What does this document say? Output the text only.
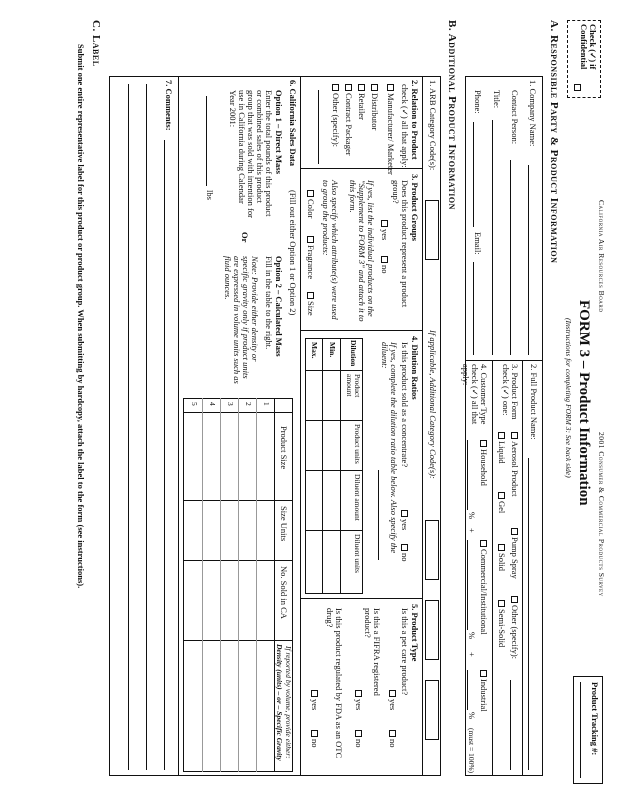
Check (✓) if Confidential
California Air Resources Board
2001 Consumer & Commercial Products Survey
FORM 3 – Product Information
(Instructions for completing FORM 3: See back side)
Product Tracking #:
A. Responsible Party & Product Information
1. Company Name:
Contact Person:
Title:
Phone:
Email:
2. Full Product Name:
3. Product Form check (✓) one:
Aerosol Product
Pump Spray
Other (specify):
Liquid
Gel
Solid
Semi-Solid
4. Customer Type check (✓) all that apply:
Household
Commercial/Institutional
Industrial
%
+
%
+
%
(must = 100%)
B. Additional Product Information
1. ARB Category Code(s):
If applicable, Additional Category Code(s):
2. Relation to Product
check (✓) all that apply:
Manufacturer/ Marketer
Distributor
Retailer
Contract Packager
Other (specify):
3. Product Groups
Does this product represent a product group?
yes
no
If yes, list the individual products on the "Supplement to FORM 3" and attach it to this form.
Also specify which attribute(s) were used to group the products:
Color
Fragrance
Size
4. Dilution Ratios
Is this product sold as a concentrate?
yes
no
If yes, complete the dilution ratio table below. Also specify the diluent:
Dilution
Product amount
Product units
Diluent amount
Diluent units
Min.
Max.
5. Product Type
Is this a pet care product?
yes
no
Is this a FIFRA registered product?
yes
no
Is this product regulated by FDA as an OTC drug?
yes
no
6. California Sales Data
(Fill out either Option 1 or Option 2)
Option 1 – Direct Mass
Enter the total pounds of this product or combined sales of this product group that was sold with intention for use in California during Calendar Year 2001:
lbs
Or
Option 2 – Calculated Mass
Fill in the table to the right.
Note: Provide either density or specific gravity only if product units are expressed in volume units such as fluid ounces.
Product Size
Size Units
No. Sold in CA
If reported by volume, provide either:
Density (units) – or – Specific Gravity
1
2
3
4
5
7. Comments:
C. Label
Submit one entire representative label for this product or product group. When submitting by hardcopy, attach the label to the form (see instructions).
